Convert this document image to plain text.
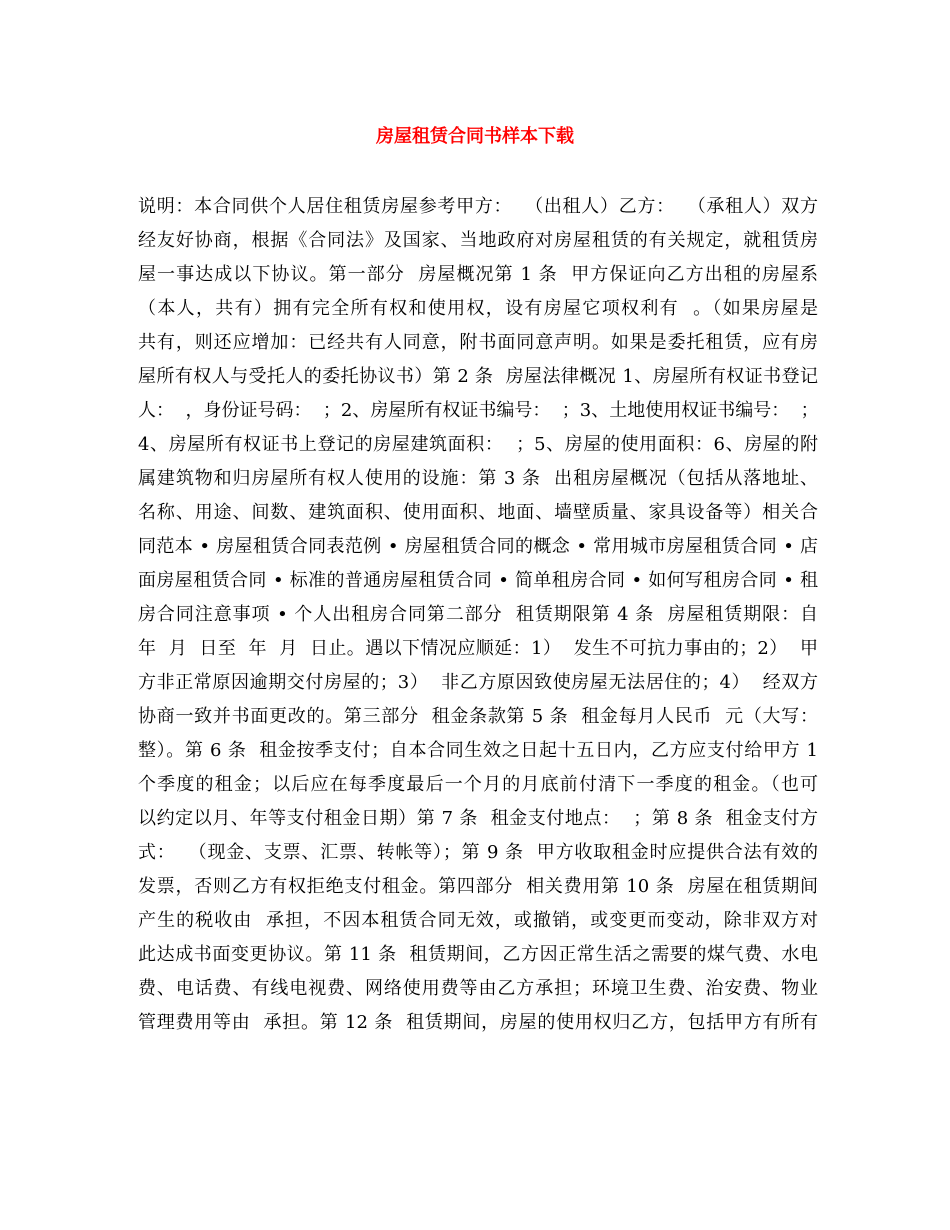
房屋租赁合同书样本下载
说明：本合同供个人居住租赁房屋参考甲方：  （出租人）乙方：  （承租人）双方
经友好协商，根据《合同法》及国家、当地政府对房屋租赁的有关规定，就租赁房
屋一事达成以下协议。第一部分  房屋概况第 1 条  甲方保证向乙方出租的房屋系
（本人，共有）拥有完全所有权和使用权，设有房屋它项权利有  。（如果房屋是
共有，则还应增加：已经共有人同意，附书面同意声明。如果是委托租赁，应有房
屋所有权人与受托人的委托协议书）第 2 条  房屋法律概况 1、房屋所有权证书登记
人：  ，身份证号码：  ；2、房屋所有权证书编号：  ；3、土地使用权证书编号：  ；
4、房屋所有权证书上登记的房屋建筑面积：  ；5、房屋的使用面积：6、房屋的附
属建筑物和归房屋所有权人使用的设施：第 3 条  出租房屋概况（包括从落地址、
名称、用途、间数、建筑面积、使用面积、地面、墙壁质量、家具设备等）相关合
同范本 • 房屋租赁合同表范例 • 房屋租赁合同的概念 • 常用城市房屋租赁合同 • 店
面房屋租赁合同 • 标准的普通房屋租赁合同 • 简单租房合同 • 如何写租房合同 • 租
房合同注意事项 • 个人出租房合同第二部分  租赁期限第 4 条  房屋租赁期限：自
年  月  日至  年  月  日止。遇以下情况应顺延：1）  发生不可抗力事由的；2）  甲
方非正常原因逾期交付房屋的；3）  非乙方原因致使房屋无法居住的；4）  经双方
协商一致并书面更改的。第三部分  租金条款第 5 条  租金每月人民币  元（大写：
整）。第 6 条  租金按季支付；自本合同生效之日起十五日内，乙方应支付给甲方 1
个季度的租金；以后应在每季度最后一个月的月底前付清下一季度的租金。（也可
以约定以月、年等支付租金日期）第 7 条  租金支付地点：  ；第 8 条  租金支付方
式：  （现金、支票、汇票、转帐等）；第 9 条  甲方收取租金时应提供合法有效的
发票，否则乙方有权拒绝支付租金。第四部分  相关费用第 10 条  房屋在租赁期间
产生的税收由  承担，不因本租赁合同无效，或撤销，或变更而变动，除非双方对
此达成书面变更协议。第 11 条  租赁期间，乙方因正常生活之需要的煤气费、水电
费、电话费、有线电视费、网络使用费等由乙方承担；环境卫生费、治安费、物业
管理费用等由  承担。第 12 条  租赁期间，房屋的使用权归乙方，包括甲方有所有
